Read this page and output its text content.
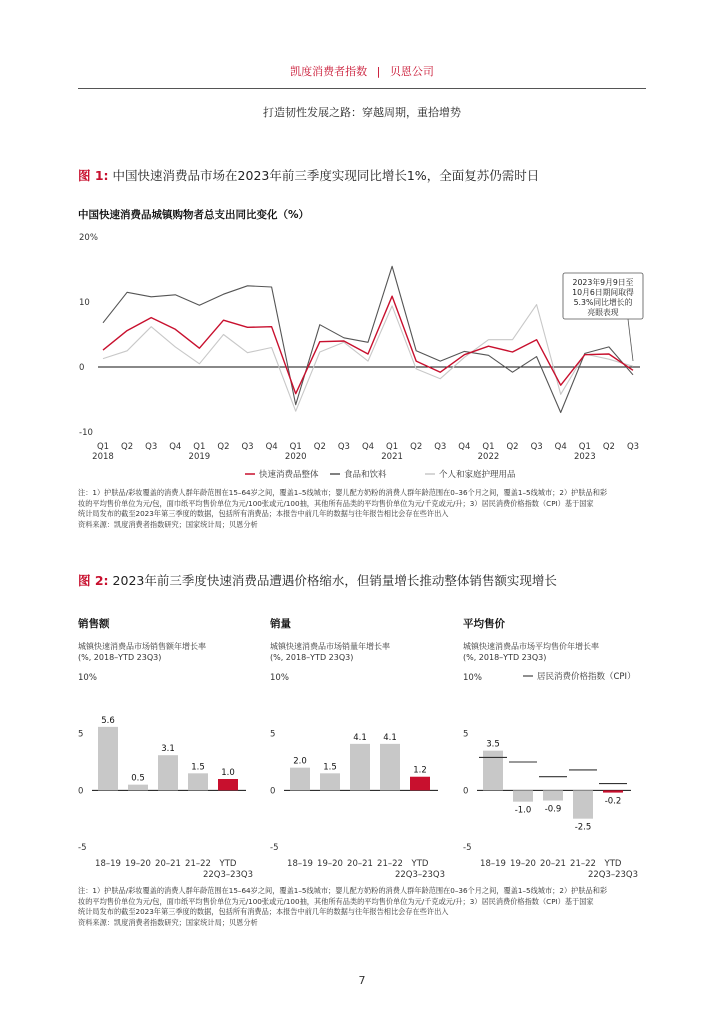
凯度消费者指数 | 贝恩公司
打造韧性发展之路：穿越周期，重拾增势
图 1: 中国快速消费品市场在2023年前三季度实现同比增长1%，全面复苏仍需时日
中国快速消费品城镇购物者总支出同比变化（%）
20%
10
0
-10
Q1 Q2 Q3 Q4 Q1 Q2 Q3 Q4 Q1 Q2 Q3 Q4 Q1 Q2 Q3 Q4 Q1 Q2 Q3 Q4 Q1 Q2 Q3
2018	2019	2020	2021	2022	2023
2023年9月9日至
10月6日期间取得
5.3%同比增长的
亮眼表现
快速消费品整体	食品和饮料	个人和家庭护理用品
注：1）护肤品/彩妆覆盖的消费人群年龄范围在15–64岁之间，覆盖1–5线城市；婴儿配方奶粉的消费人群年龄范围在0–36个月之间，覆盖1–5线城市；2）护肤品和彩
妆的平均售价单位为元/包，面巾纸平均售价单位为元/100张或元/100抽，其他所有品类的平均售价单位为元/千克或元/升；3）居民消费价格指数（CPI）基于国家
统计局发布的截至2023年第三季度的数据，包括所有消费品；本报告中前几年的数据与往年报告相比会存在些许出入
资料来源：凯度消费者指数研究；国家统计局；贝恩分析
图 2: 2023年前三季度快速消费品遭遇价格缩水，但销量增长推动整体销售额实现增长
销售额
城镇快速消费品市场销售额年增长率
(%, 2018–YTD 23Q3)
销量
城镇快速消费品市场销量年增长率
(%, 2018–YTD 23Q3)
平均售价
城镇快速消费品市场平均售价年增长率
(%, 2018–YTD 23Q3)
10%
5
0
-5
5.6
18–19
0.5
19–20
3.1
20–21
1.5
21–22
1.0
YTD
22Q3–23Q3
10%
5
0
-5
2.0
18–19
1.5
19–20
4.1
20–21
4.1
21–22
1.2
YTD
22Q3–23Q3
10%
5
0
-5
3.5
18–19
-1.0
19–20
-0.9
20–21
-2.5
21–22
-0.2
YTD
22Q3–23Q3
居民消费价格指数（CPI）
注：1）护肤品/彩妆覆盖的消费人群年龄范围在15–64岁之间，覆盖1–5线城市；婴儿配方奶粉的消费人群年龄范围在0–36个月之间，覆盖1–5线城市；2）护肤品和彩
妆的平均售价单位为元/包，面巾纸平均售价单位为元/100张或元/100抽，其他所有品类的平均售价单位为元/千克或元/升；3）居民消费价格指数（CPI）基于国家
统计局发布的截至2023年第三季度的数据，包括所有消费品；本报告中前几年的数据与往年报告相比会存在些许出入
资料来源：凯度消费者指数研究；国家统计局；贝恩分析
7
